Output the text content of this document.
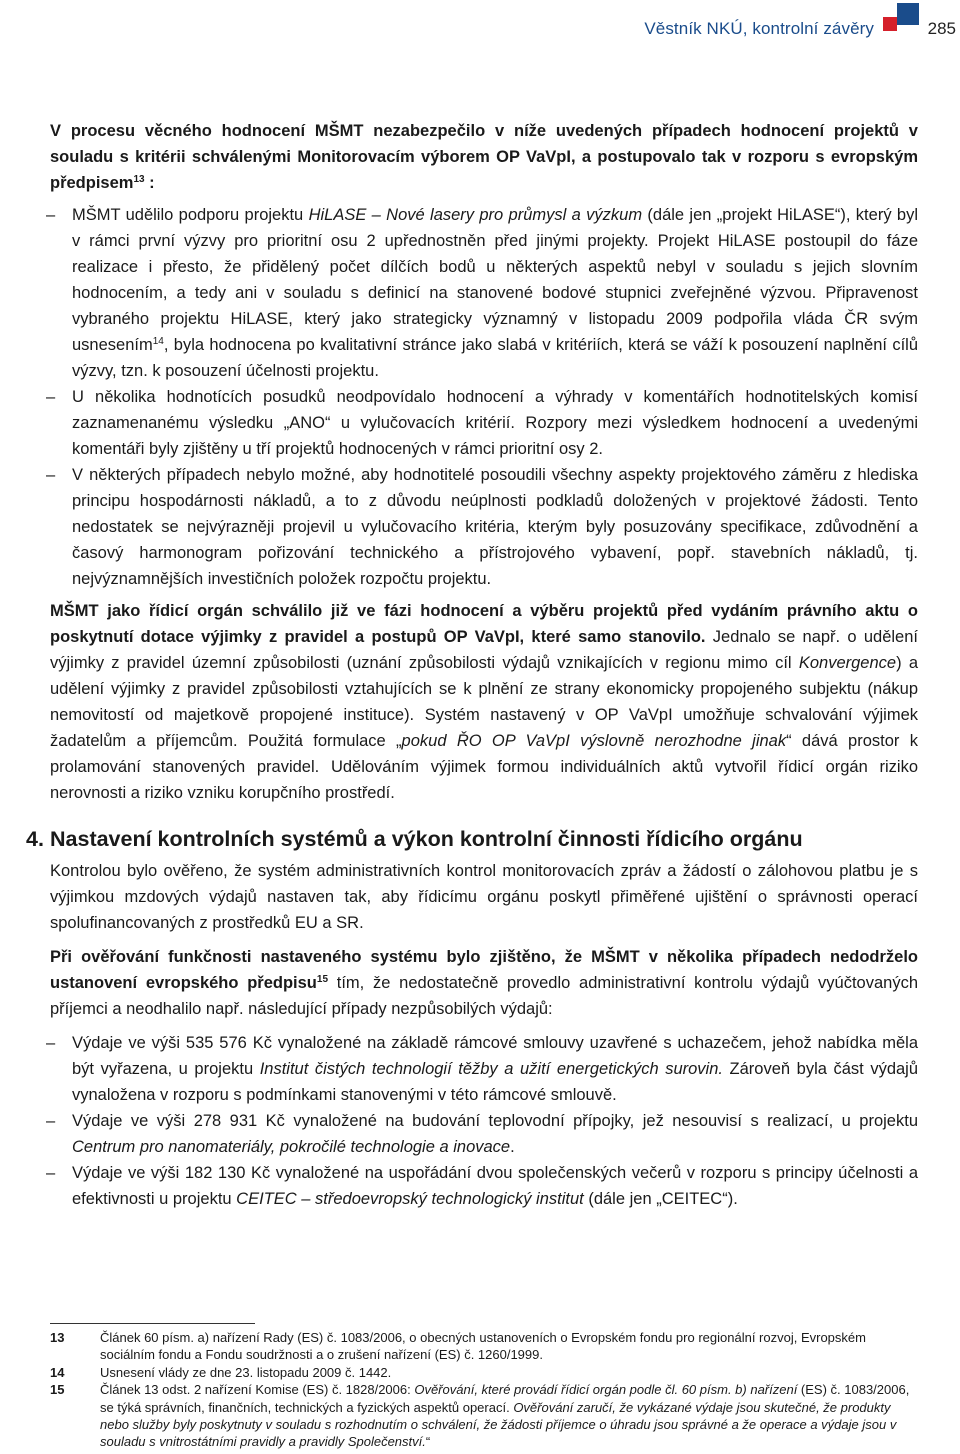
Věstník NKÚ, kontrolní závěry	285

V procesu věcného hodnocení MŠMT nezabezpečilo v níže uvedených případech hodnocení projektů v souladu s kritérii schválenými Monitorovacím výborem OP VaVpI, a postupovalo tak v rozporu s evropským předpisem$^{13}$ :

– MŠMT udělilo podporu projektu HiLASE – Nové lasery pro průmysl a výzkum (dále jen „projekt HiLASE“), který byl v rámci první výzvy pro prioritní osu 2 upřednostněn před jinými projekty. Projekt HiLASE postoupil do fáze realizace i přesto, že přidělený počet dílčích bodů u některých aspektů nebyl v souladu s jejich slovním hodnocením, a tedy ani v souladu s definicí na stanovené bodové stupnici zveřejněné výzvou. Připravenost vybraného projektu HiLASE, který jako strategicky významný v listopadu 2009 podpořila vláda ČR svým usnesením$^{14}$, byla hodnocena po kvalitativní stránce jako slabá v kritériích, která se váží k posouzení naplnění cílů výzvy, tzn. k posouzení účelnosti projektu.
– U několika hodnotících posudků neodpovídalo hodnocení a výhrady v komentářích hodnotitelských komisí zaznamenanému výsledku „ANO“ u vylučovacích kritérií. Rozpory mezi výsledkem hodnocení a uvedenými komentáři byly zjištěny u tří projektů hodnocených v rámci prioritní osy 2.
– V některých případech nebylo možné, aby hodnotitelé posoudili všechny aspekty projektového záměru z hlediska principu hospodárnosti nákladů, a to z důvodu neúplnosti podkladů doložených v projektové žádosti. Tento nedostatek se nejvýrazněji projevil u vylučovacího kritéria, kterým byly posuzovány specifikace, zdůvodnění a časový harmonogram pořizování technického a přístrojového vybavení, popř. stavebních nákladů, tj. nejvýznamnějších investičních položek rozpočtu projektu.

MŠMT jako řídicí orgán schválilo již ve fázi hodnocení a výběru projektů před vydáním právního aktu o poskytnutí dotace výjimky z pravidel a postupů OP VaVpI, které samo stanovilo. Jednalo se např. o udělení výjimky z pravidel územní způsobilosti (uznání způsobilosti výdajů vznikajících v regionu mimo cíl Konvergence) a udělení výjimky z pravidel způsobilosti vztahujících se k plnění ze strany ekonomicky propojeného subjektu (nákup nemovitostí od majetkově propojené instituce). Systém nastavený v OP VaVpI umožňuje schvalování výjimek žadatelům a příjemcům. Použitá formulace „pokud ŘO OP VaVpI výslovně nerozhodne jinak“ dává prostor k prolamování stanovených pravidel. Udělováním výjimek formou individuálních aktů vytvořil řídicí orgán riziko nerovnosti a riziko vzniku korupčního prostředí.

4. Nastavení kontrolních systémů a výkon kontrolní činnosti řídicího orgánu

Kontrolou bylo ověřeno, že systém administrativních kontrol monitorovacích zpráv a žádostí o zálohovou platbu je s výjimkou mzdových výdajů nastaven tak, aby řídicímu orgánu poskytl přiměřené ujištění o správnosti operací spolufinancovaných z prostředků EU a SR.

Při ověřování funkčnosti nastaveného systému bylo zjištěno, že MŠMT v několika případech nedodrželo ustanovení evropského předpisu$^{15}$ tím, že nedostatečně provedlo administrativní kontrolu výdajů vyúčtovaných příjemci a neodhalilo např. následující případy nezpůsobilých výdajů:

– Výdaje ve výši 535 576 Kč vynaložené na základě rámcové smlouvy uzavřené s uchazečem, jehož nabídka měla být vyřazena, u projektu Institut čistých technologií těžby a užití energetických surovin. Zároveň byla část výdajů vynaložena v rozporu s podmínkami stanovenými v této rámcové smlouvě.
– Výdaje ve výši 278 931 Kč vynaložené na budování teplovodní přípojky, jež nesouvisí s realizací, u projektu Centrum pro nanomateriály, pokročilé technologie a inovace.
– Výdaje ve výši 182 130 Kč vynaložené na uspořádání dvou společenských večerů v rozporu s principy účelnosti a efektivnosti u projektu CEITEC – středoevropský technologický institut (dále jen „CEITEC“).
13	Článek 60 písm. a) nařízení Rady (ES) č. 1083/2006, o obecných ustanoveních o Evropském fondu pro regionální rozvoj, Evropském sociálním fondu a Fondu soudržnosti a o zrušení nařízení (ES) č. 1260/1999.
14	Usnesení vlády ze dne 23. listopadu 2009 č. 1442.
15	Článek 13 odst. 2 nařízení Komise (ES) č. 1828/2006: Ověřování, které provádí řídicí orgán podle čl. 60 písm. b) nařízení (ES) č. 1083/2006, se týká správních, finančních, technických a fyzických aspektů operací. Ověřování zaručí, že vykázané výdaje jsou skutečné, že produkty nebo služby byly poskytnuty v souladu s rozhodnutím o schválení, že žádosti příjemce o úhradu jsou správné a že operace a výdaje jsou v souladu s vnitrostátními pravidly a pravidly Společenství.“
